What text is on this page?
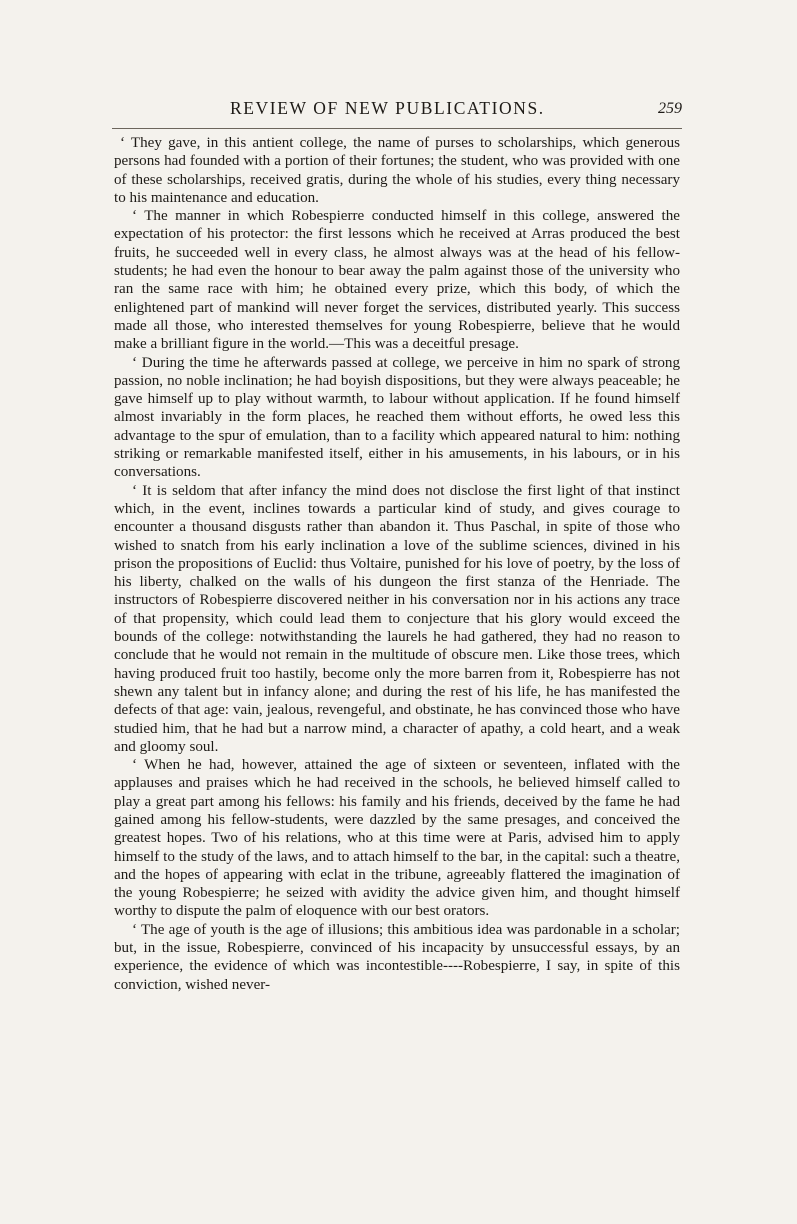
REVIEW OF NEW PUBLICATIONS.	259

‘ They gave, in this antient college, the name of purses to scholarships, which generous persons had founded with a portion of their fortunes; the student, who was provided with one of these scholarships, received gratis, during the whole of his studies, every thing necessary to his maintenance and education.

‘ The manner in which Robespierre conducted himself in this college, answered the expectation of his protector: the first lessons which he received at Arras produced the best fruits, he succeeded well in every class, he almost always was at the head of his fellow-students; he had even the honour to bear away the palm against those of the university who ran the same race with him; he obtained every prize, which this body, of which the enlightened part of mankind will never forget the services, distributed yearly. This success made all those, who interested themselves for young Robespierre, believe that he would make a brilliant figure in the world.—This was a deceitful presage.

‘ During the time he afterwards passed at college, we perceive in him no spark of strong passion, no noble inclination; he had boyish dispositions, but they were always peaceable; he gave himself up to play without warmth, to labour without application. If he found himself almost invariably in the form places, he reached them without efforts, he owed less this advantage to the spur of emulation, than to a facility which appeared natural to him: nothing striking or remarkable manifested itself, either in his amusements, in his labours, or in his conversations.

‘ It is seldom that after infancy the mind does not disclose the first light of that instinct which, in the event, inclines towards a particular kind of study, and gives courage to encounter a thousand disgusts rather than abandon it. Thus Paschal, in spite of those who wished to snatch from his early inclination a love of the sublime sciences, divined in his prison the propositions of Euclid: thus Voltaire, punished for his love of poetry, by the loss of his liberty, chalked on the walls of his dungeon the first stanza of the Henriade. The instructors of Robespierre discovered neither in his conversation nor in his actions any trace of that propensity, which could lead them to conjecture that his glory would exceed the bounds of the college: notwithstanding the laurels he had gathered, they had no reason to conclude that he would not remain in the multitude of obscure men. Like those trees, which having produced fruit too hastily, become only the more barren from it, Robespierre has not shewn any talent but in infancy alone; and during the rest of his life, he has manifested the defects of that age: vain, jealous, revengeful, and obstinate, he has convinced those who have studied him, that he had but a narrow mind, a character of apathy, a cold heart, and a weak and gloomy soul.

‘ When he had, however, attained the age of sixteen or seventeen, inflated with the applauses and praises which he had received in the schools, he believed himself called to play a great part among his fellows: his family and his friends, deceived by the fame he had gained among his fellow-students, were dazzled by the same presages, and conceived the greatest hopes. Two of his relations, who at this time were at Paris, advised him to apply himself to the study of the laws, and to attach himself to the bar, in the capital: such a theatre, and the hopes of appearing with eclat in the tribune, agreeably flattered the imagination of the young Robespierre; he seized with avidity the advice given him, and thought himself worthy to dispute the palm of eloquence with our best orators.

‘ The age of youth is the age of illusions; this ambitious idea was pardonable in a scholar; but, in the issue, Robespierre, convinced of his incapacity by unsuccessful essays, by an experience, the evidence of which was incontestible----Robespierre, I say, in spite of this conviction, wished never-
